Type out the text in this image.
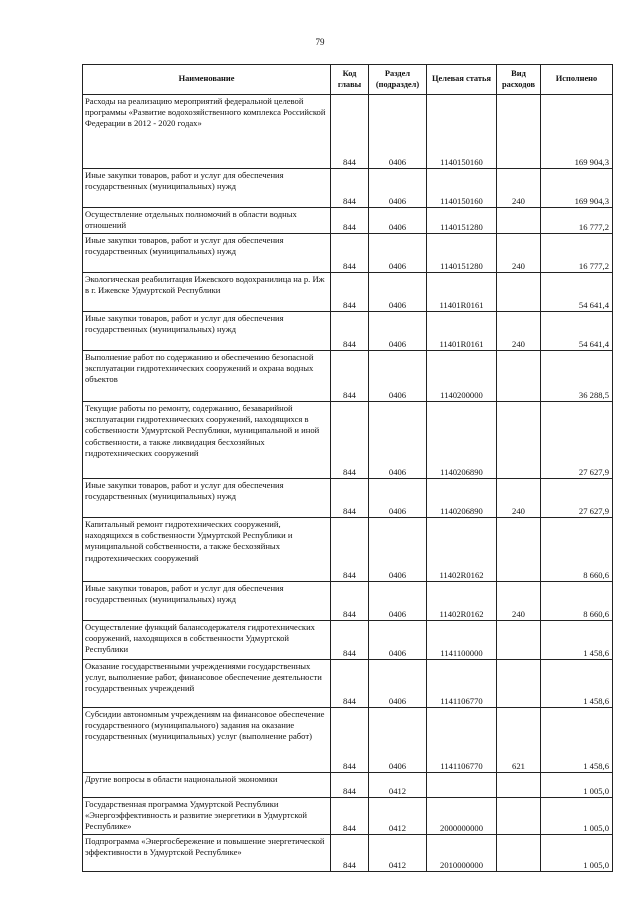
79
Наименование	Код главы	Раздел (подраздел)	Целевая статья	Вид расходов	Исполнено
Расходы на реализацию мероприятий федеральной целевой программы «Развитие водохозяйственного комплекса Российской Федерации в 2012 - 2020 годах»	844	0406	1140150160		169 904,3
Иные закупки товаров, работ и услуг для обеспечения государственных (муниципальных) нужд	844	0406	1140150160	240	169 904,3
Осуществление отдельных полномочий в области водных отношений	844	0406	1140151280		16 777,2
Иные закупки товаров, работ и услуг для обеспечения государственных (муниципальных) нужд	844	0406	1140151280	240	16 777,2
Экологическая реабилитация Ижевского водохранилица на р. Иж в г. Ижевске Удмуртской Республики	844	0406	11401R0161		54 641,4
Иные закупки товаров, работ и услуг для обеспечения государственных (муниципальных) нужд	844	0406	11401R0161	240	54 641,4
Выполнение работ по содержанию и обеспечению безопасной эксплуатации гидротехнических сооружений и охрана водных объектов	844	0406	1140200000		36 288,5
Текущие работы по ремонту, содержанию, безаварийной эксплуатации гидротехнических сооружений, находящихся в собственности Удмуртской Республики, муниципальной и иной собственности, а также ликвидация бесхозяйных гидротехнических сооружений	844	0406	1140206890		27 627,9
Иные закупки товаров, работ и услуг для обеспечения государственных (муниципальных) нужд	844	0406	1140206890	240	27 627,9
Капитальный ремонт гидротехнических сооружений, находящихся в собственности Удмуртской Республики и муниципальной собственности, а также бесхозяйных гидротехнических сооружений	844	0406	11402R0162		8 660,6
Иные закупки товаров, работ и услуг для обеспечения государственных (муниципальных) нужд	844	0406	11402R0162	240	8 660,6
Осуществление функций балансодержателя гидротехнических сооружений, находящихся в собственности Удмуртской Республики	844	0406	1141100000		1 458,6
Оказание государственными учреждениями государственных услуг, выполнение работ, финансовое обеспечение деятельности государственных учреждений	844	0406	1141106770		1 458,6
Субсидии автономным учреждениям на финансовое обеспечение государственного (муниципального) задания на оказание государственных (муниципальных) услуг (выполнение работ)	844	0406	1141106770	621	1 458,6
Другие вопросы в области национальной экономики	844	0412			1 005,0
Государственная программа Удмуртской Республики «Энергоэффективность и развитие энергетики в Удмуртской Республике»	844	0412	2000000000		1 005,0
Подпрограмма «Энергосбережение и повышение энергетической эффективности в Удмуртской Республике»	844	0412	2010000000		1 005,0
